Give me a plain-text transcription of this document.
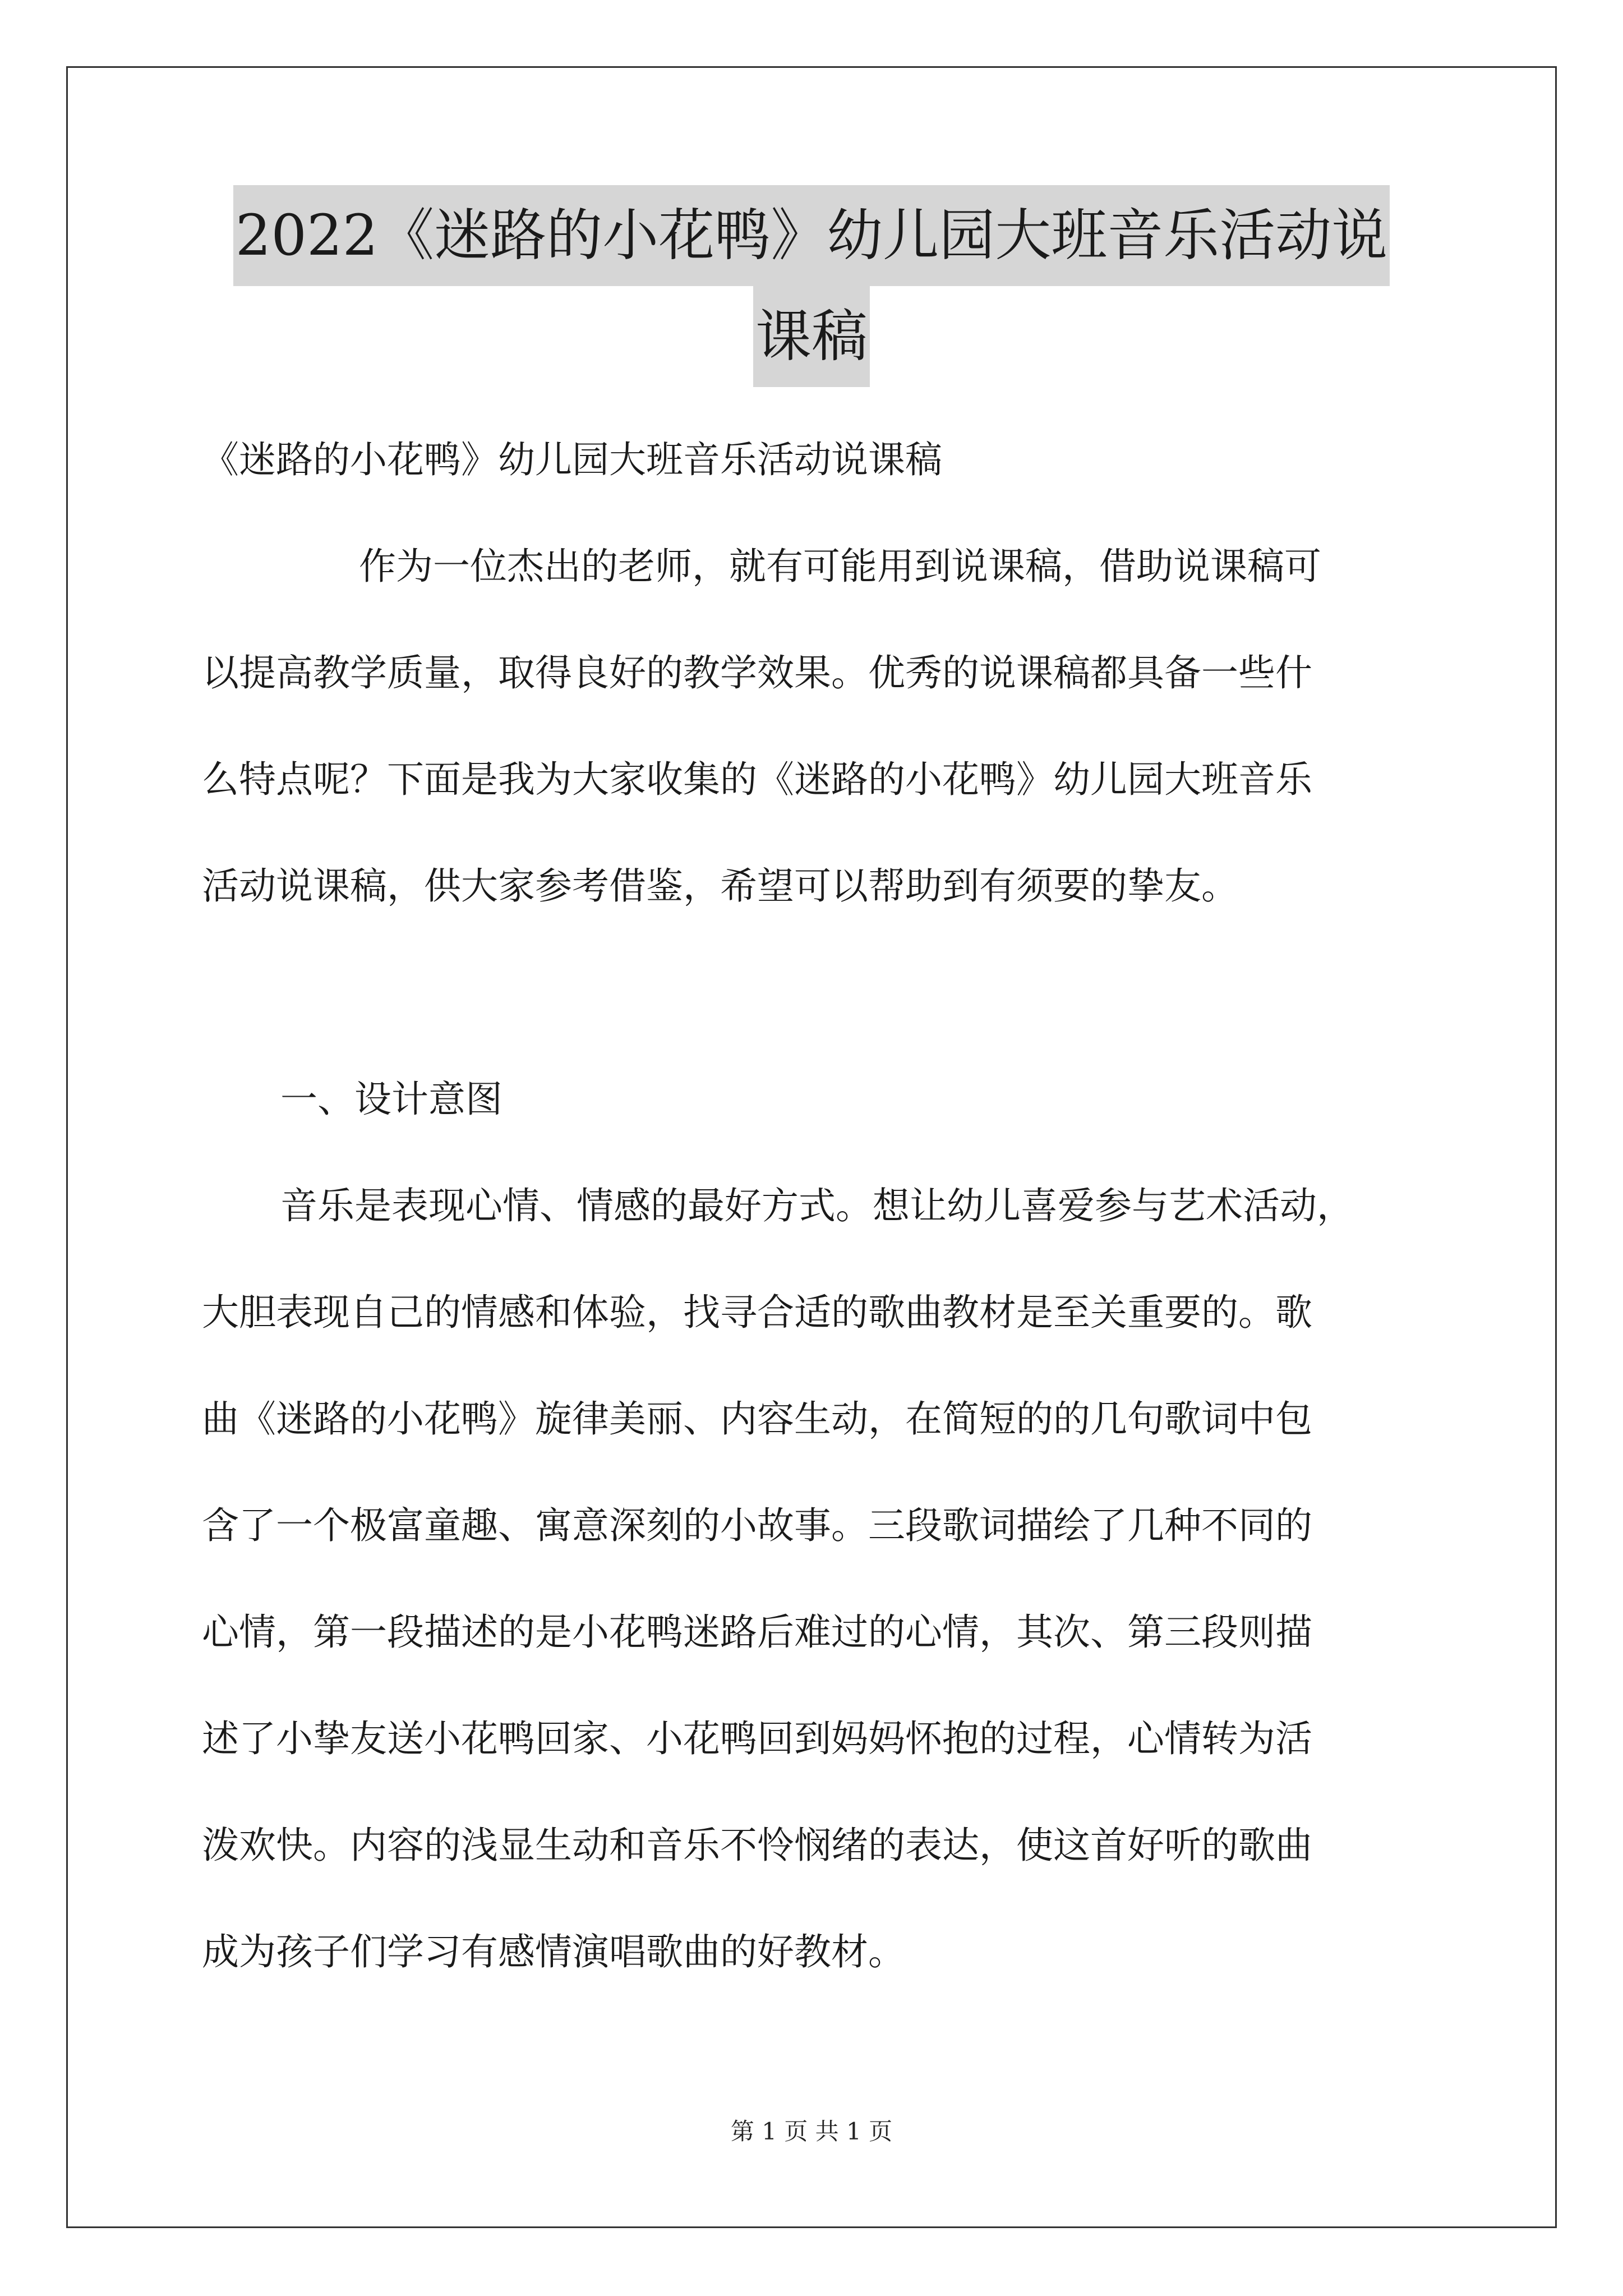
2022《迷路的小花鸭》幼儿园大班音乐活动说
课稿
《迷路的小花鸭》幼儿园大班音乐活动说课稿
作为一位杰出的老师，就有可能用到说课稿，借助说课稿可
以提高教学质量，取得良好的教学效果。优秀的说课稿都具备一些什
么特点呢？下面是我为大家收集的《迷路的小花鸭》幼儿园大班音乐
活动说课稿，供大家参考借鉴，希望可以帮助到有须要的挚友。
一、设计意图
音乐是表现心情、情感的最好方式。想让幼儿喜爱参与艺术活动，
大胆表现自己的情感和体验，找寻合适的歌曲教材是至关重要的。歌
曲《迷路的小花鸭》旋律美丽、内容生动，在简短的的几句歌词中包
含了一个极富童趣、寓意深刻的小故事。三段歌词描绘了几种不同的
心情，第一段描述的是小花鸭迷路后难过的心情，其次、第三段则描
述了小挚友送小花鸭回家、小花鸭回到妈妈怀抱的过程，心情转为活
泼欢快。内容的浅显生动和音乐不怜悯绪的表达，使这首好听的歌曲
成为孩子们学习有感情演唱歌曲的好教材。
第 1 页 共 1 页
